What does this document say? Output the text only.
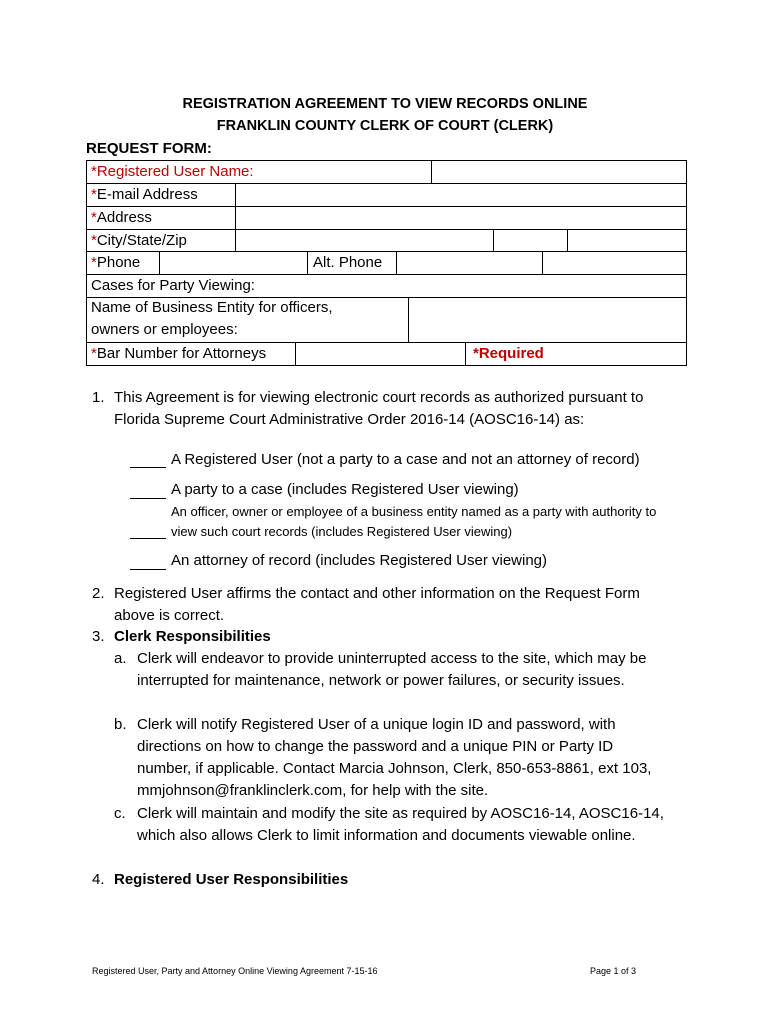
REGISTRATION AGREEMENT TO VIEW RECORDS ONLINE
FRANKLIN COUNTY CLERK OF COURT (CLERK)
REQUEST FORM:
*Registered User Name:
*E-mail Address
*Address
*City/State/Zip
*Phone	Alt. Phone
Cases for Party Viewing:
Name of Business Entity for officers,
owners or employees:
*Bar Number for Attorneys	*Required
1. This Agreement is for viewing electronic court records as authorized pursuant to Florida Supreme Court Administrative Order 2016-14 (AOSC16-14) as:
A Registered User (not a party to a case and not an attorney of record)
A party to a case (includes Registered User viewing)
An officer, owner or employee of a business entity named as a party with authority to view such court records (includes Registered User viewing)
An attorney of record (includes Registered User viewing)
2. Registered User affirms the contact and other information on the Request Form above is correct.
3. Clerk Responsibilities
a. Clerk will endeavor to provide uninterrupted access to the site, which may be interrupted for maintenance, network or power failures, or security issues.
b. Clerk will notify Registered User of a unique login ID and password, with directions on how to change the password and a unique PIN or Party ID number, if applicable. Contact Marcia Johnson, Clerk, 850-653-8861, ext 103, mmjohnson@franklinclerk.com, for help with the site.
c. Clerk will maintain and modify the site as required by AOSC16-14, AOSC16-14, which also allows Clerk to limit information and documents viewable online.
4. Registered User Responsibilities
Registered User, Party and Attorney Online Viewing Agreement 7-15-16	Page 1 of 3
